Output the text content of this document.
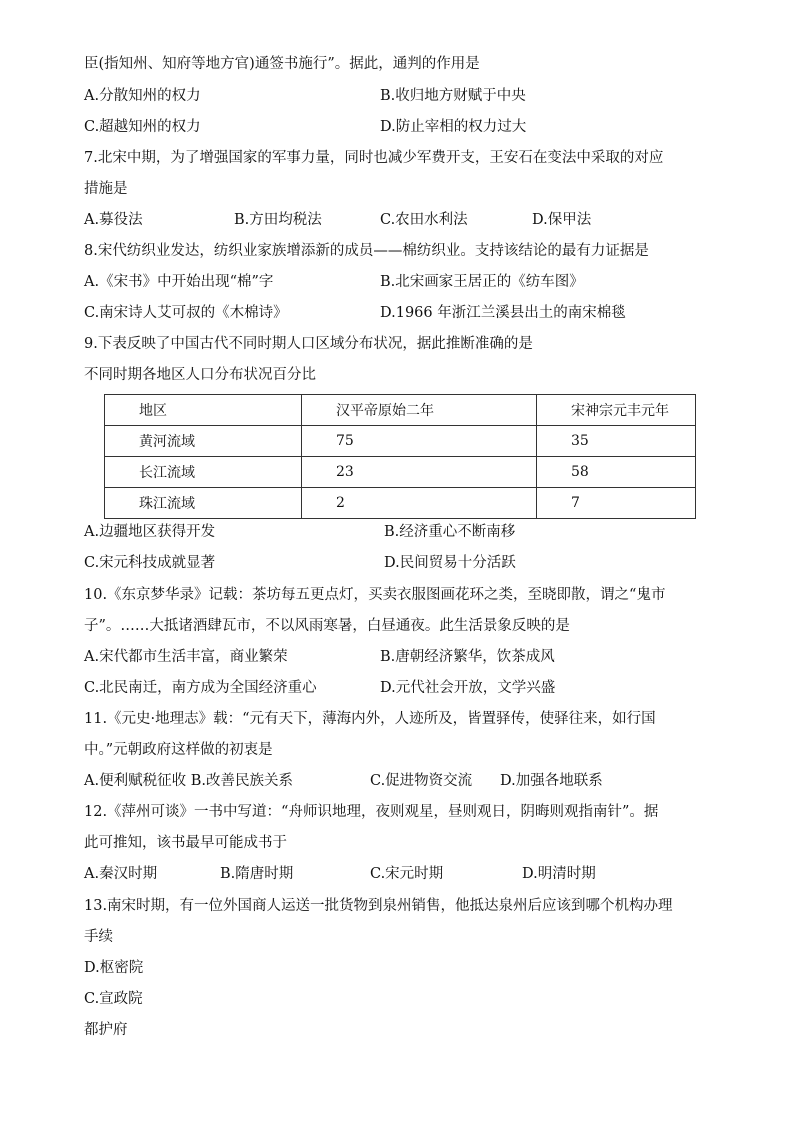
臣(指知州、知府等地方官)通签书施行”。据此，通判的作用是
A.分散知州的权力	B.收归地方财赋于中央
C.超越知州的权力	D.防止宰相的权力过大
7.北宋中期，为了增强国家的军事力量，同时也减少军费开支，王安石在变法中采取的对应
措施是
A.募役法	B.方田均税法	C.农田水利法	D.保甲法
8.宋代纺织业发达，纺织业家族增添新的成员——棉纺织业。支持该结论的最有力证据是
A.《宋书》中开始出现“棉”字	B.北宋画家王居正的《纺车图》
C.南宋诗人艾可叔的《木棉诗》	D.1966 年浙江兰溪县出土的南宋棉毯
9.下表反映了中国古代不同时期人口区域分布状况，据此推断准确的是
不同时期各地区人口分布状况百分比
地区	汉平帝原始二年	宋神宗元丰元年
黄河流域	75	35
长江流域	23	58
珠江流域	2	7
A.边疆地区获得开发	B.经济重心不断南移
C.宋元科技成就显著	D.民间贸易十分活跃
10.《东京梦华录》记载：茶坊每五更点灯，买卖衣服图画花环之类，至晓即散，谓之“鬼市
子”。……大抵诸酒肆瓦市，不以风雨寒暑，白昼通夜。此生活景象反映的是
A.宋代都市生活丰富，商业繁荣	B.唐朝经济繁华，饮茶成风
C.北民南迁，南方成为全国经济重心	D.元代社会开放，文学兴盛
11.《元史·地理志》载：“元有天下，薄海内外，人迹所及，皆置驿传，使驿往来，如行国
中。”元朝政府这样做的初衷是
A.便利赋税征收 B.改善民族关系	C.促进物资交流 D.加强各地联系
12.《萍州可谈》一书中写道：“舟师识地理，夜则观星，昼则观日，阴晦则观指南针”。据
此可推知，该书最早可能成书于
A.秦汉时期	B.隋唐时期	C.宋元时期	D.明清时期
13.南宋时期，有一位外国商人运送一批货物到泉州销售，他抵达泉州后应该到哪个机构办理
手续
D.枢密院
C.宣政院
都护府
